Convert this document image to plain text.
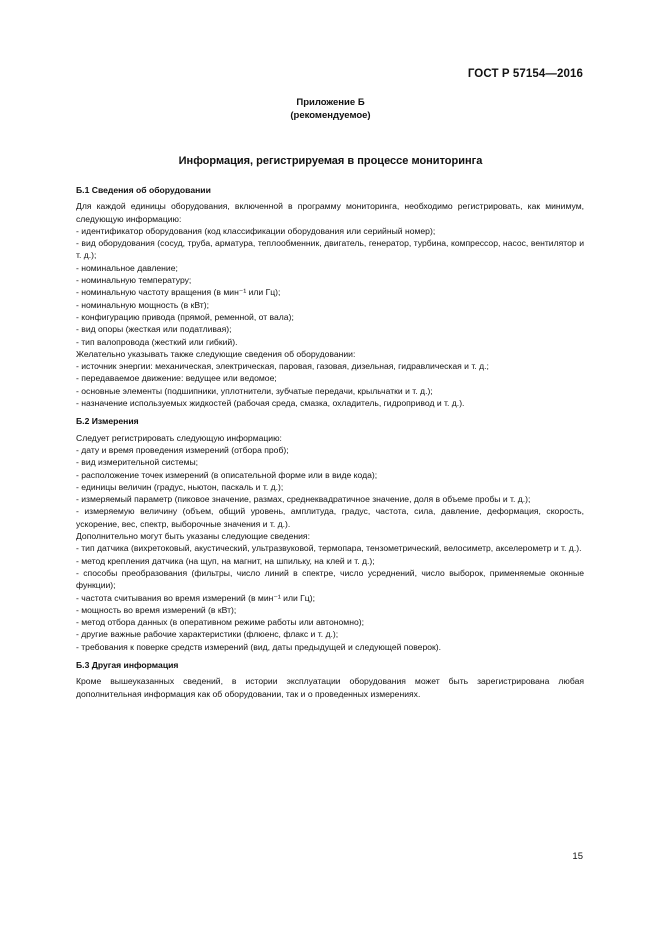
ГОСТ Р 57154—2016
Приложение Б
(рекомендуемое)
Информация, регистрируемая в процессе мониторинга
Б.1 Сведения об оборудовании

Для каждой единицы оборудования, включенной в программу мониторинга, необходимо регистрировать, как минимум, следующую информацию:

- идентификатор оборудования (код классификации оборудования или серийный номер);

- вид оборудования (сосуд, труба, арматура, теплообменник, двигатель, генератор, турбина, компрессор, насос, вентилятор и т. д.);

- номинальное давление;

- номинальную температуру;

- номинальную частоту вращения (в мин⁻¹ или Гц);

- номинальную мощность (в кВт);

- конфигурацию привода (прямой, ременной, от вала);

- вид опоры (жесткая или податливая);

- тип валопровода (жесткий или гибкий).

Желательно указывать также следующие сведения об оборудовании:

- источник энергии: механическая, электрическая, паровая, газовая, дизельная, гидравлическая и т. д.;

- передаваемое движение: ведущее или ведомое;

- основные элементы (подшипники, уплотнители, зубчатые передачи, крыльчатки и т. д.);

- назначение используемых жидкостей (рабочая среда, смазка, охладитель, гидропривод и т. д.).

Б.2 Измерения

Следует регистрировать следующую информацию:

- дату и время проведения измерений (отбора проб);

- вид измерительной системы;

- расположение точек измерений (в описательной форме или в виде кода);

- единицы величин (градус, ньютон, паскаль и т. д.);

- измеряемый параметр (пиковое значение, размах, среднеквадратичное значение, доля в объеме пробы и т. д.);

- измеряемую величину (объем, общий уровень, амплитуда, градус, частота, сила, давление, деформация, скорость, ускорение, вес, спектр, выборочные значения и т. д.).

Дополнительно могут быть указаны следующие сведения:

- тип датчика (вихретоковый, акустический, ультразвуковой, термопара, тензометрический, велосиметр, акселерометр и т. д.).

- метод крепления датчика (на щуп, на магнит, на шпильку, на клей и т. д.);

- способы преобразования (фильтры, число линий в спектре, число усреднений, число выборок, применяемые оконные функции);

- частота считывания во время измерений (в мин⁻¹ или Гц);

- мощность во время измерений (в кВт);

- метод отбора данных (в оперативном режиме работы или автономно);

- другие важные рабочие характеристики (флюенс, флакс и т. д.);

- требования к поверке средств измерений (вид, даты предыдущей и следующей поверок).

Б.3 Другая информация

Кроме вышеуказанных сведений, в истории эксплуатации оборудования может быть зарегистрирована любая дополнительная информация как об оборудовании, так и о проведенных измерениях.

15
